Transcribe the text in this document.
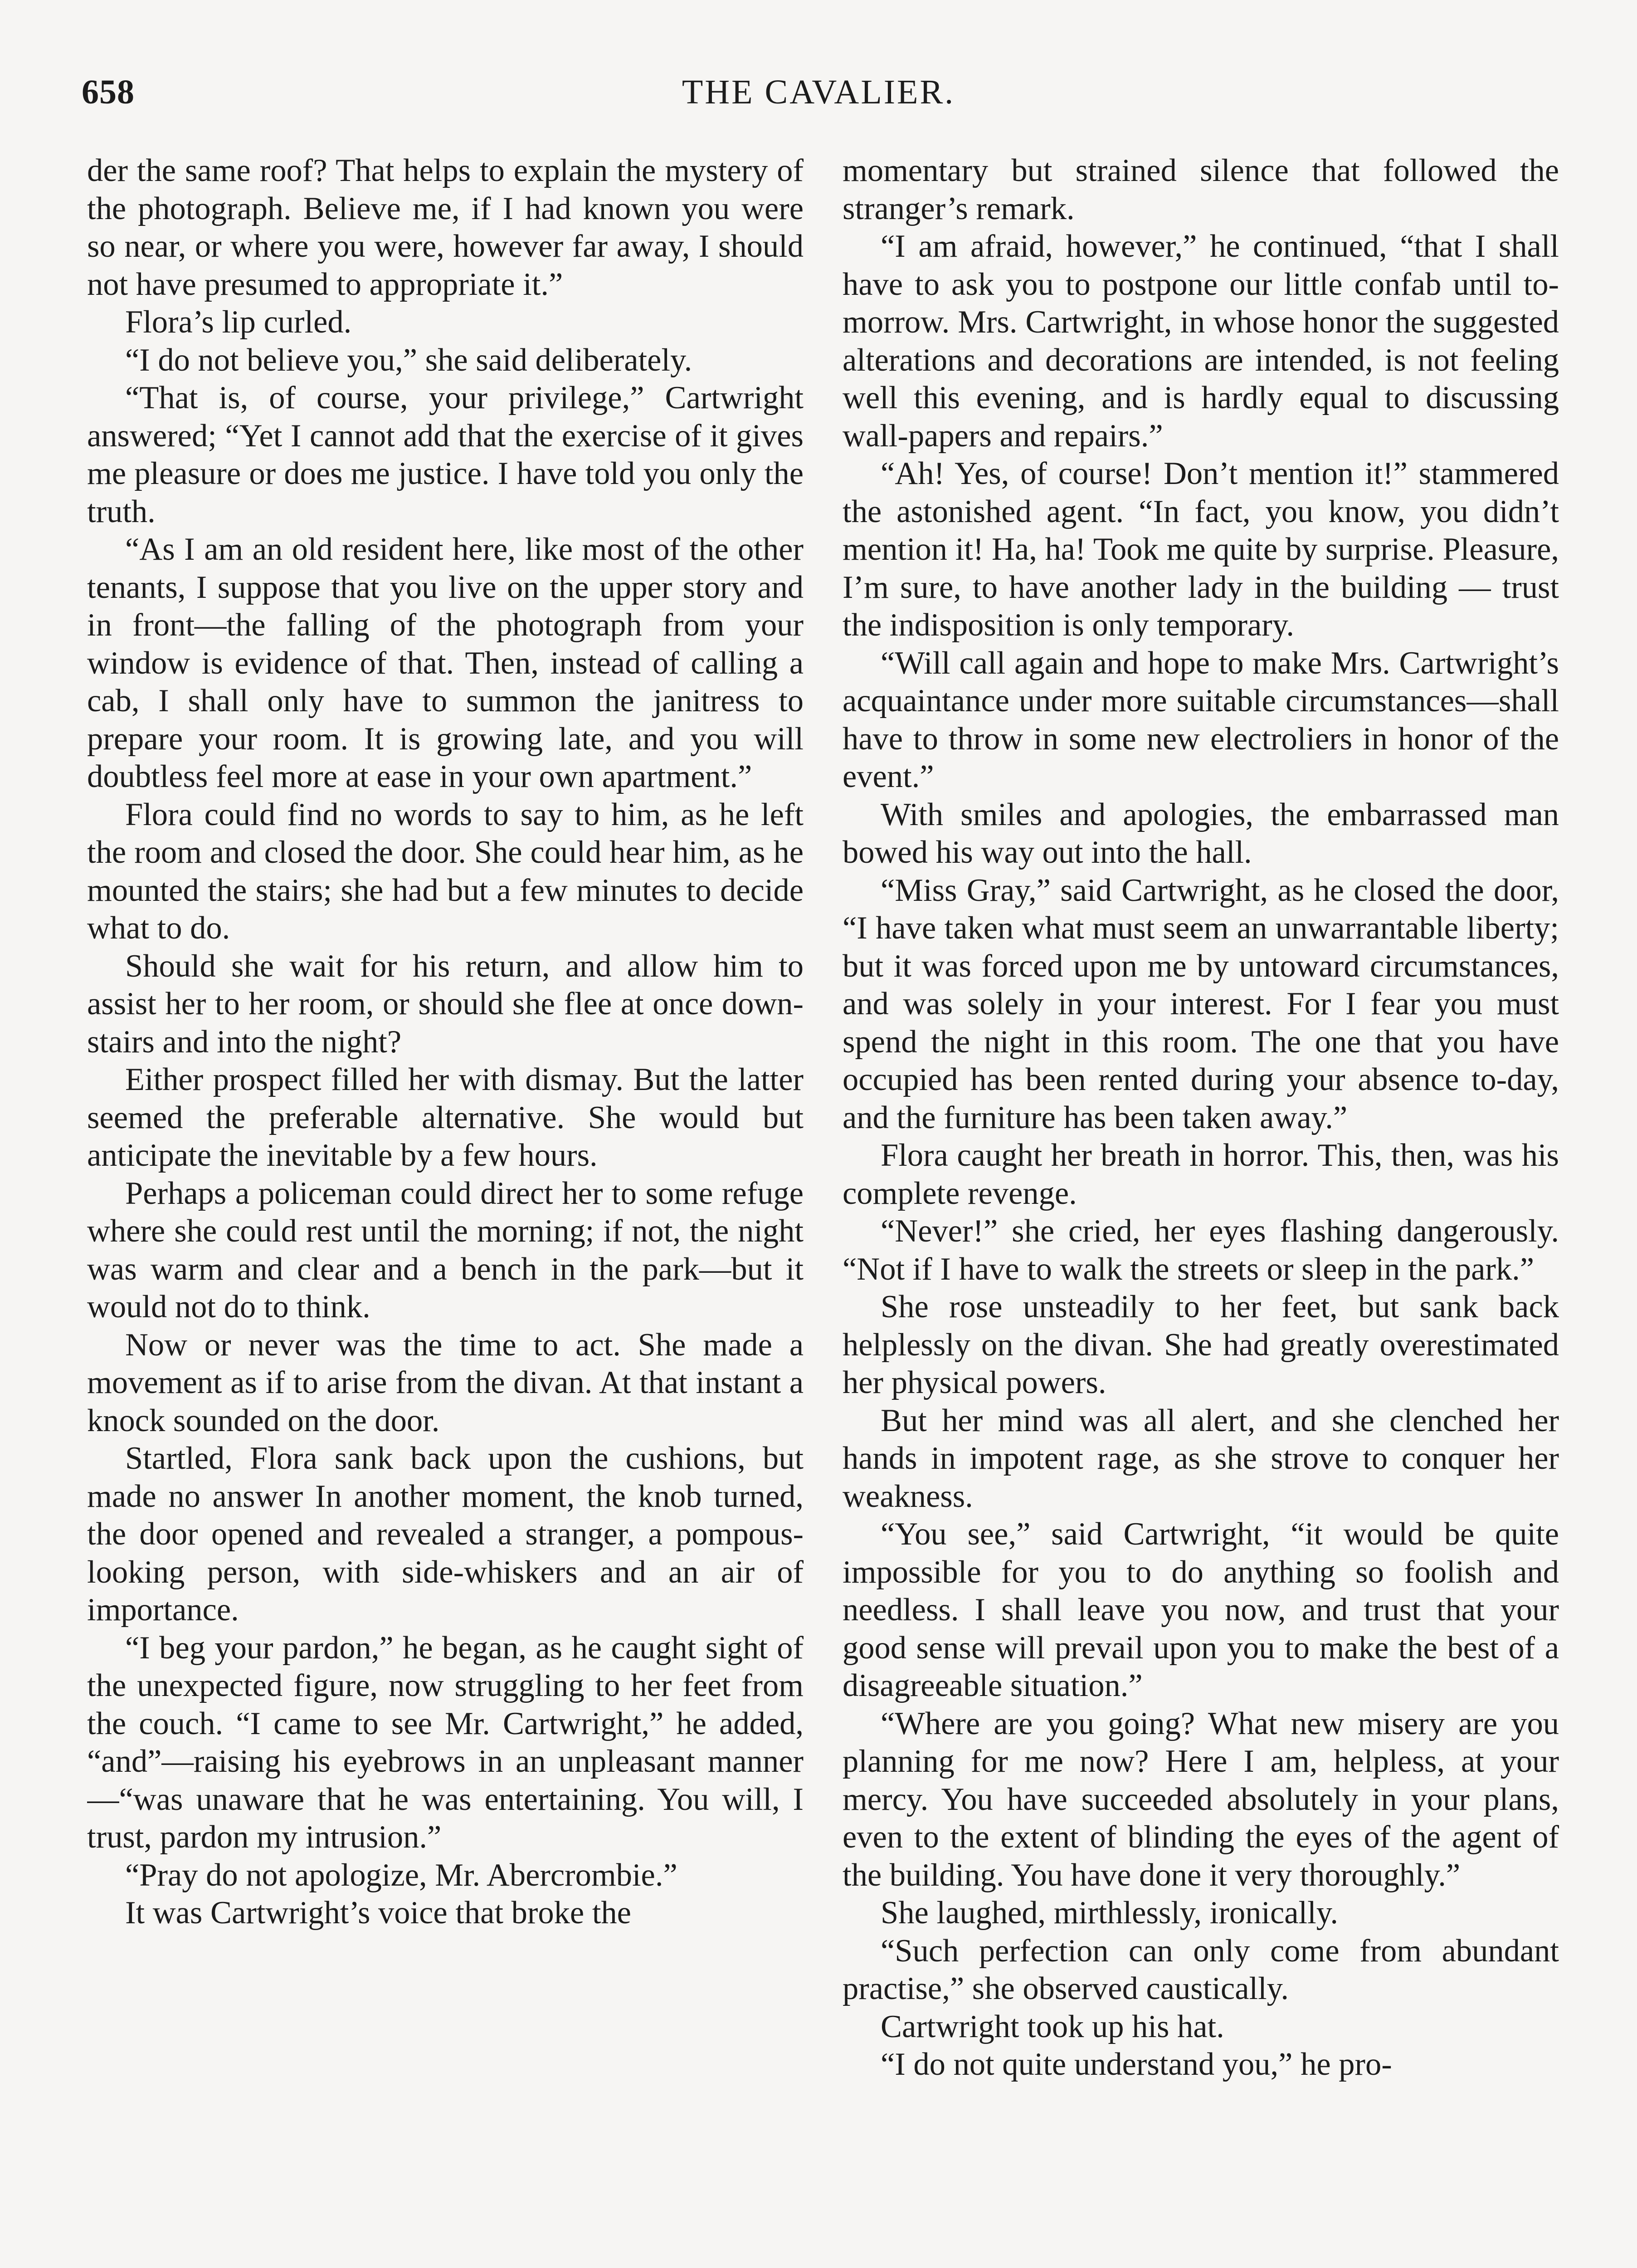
658	THE CAVALIER.

der the same roof? That helps to explain the mystery of the photograph. Believe me, if I had known you were so near, or where you were, however far away, I should not have presumed to appropriate it.”

Flora’s lip curled.

“I do not believe you,” she said deliberately.

“That is, of course, your privilege,” Cartwright answered; “Yet I cannot add that the exercise of it gives me pleasure or does me justice. I have told you only the truth.

“As I am an old resident here, like most of the other tenants, I suppose that you live on the upper story and in front—the falling of the photograph from your window is evidence of that. Then, instead of calling a cab, I shall only have to summon the janitress to prepare your room. It is growing late, and you will doubtless feel more at ease in your own apartment.”

Flora could find no words to say to him, as he left the room and closed the door. She could hear him, as he mounted the stairs; she had but a few minutes to decide what to do.

Should she wait for his return, and allow him to assist her to her room, or should she flee at once down-stairs and into the night?

Either prospect filled her with dismay. But the latter seemed the preferable alternative. She would but anticipate the inevitable by a few hours.

Perhaps a policeman could direct her to some refuge where she could rest until the morning; if not, the night was warm and clear and a bench in the park—but it would not do to think.

Now or never was the time to act. She made a movement as if to arise from the divan. At that instant a knock sounded on the door.

Startled, Flora sank back upon the cushions, but made no answer In another moment, the knob turned, the door opened and revealed a stranger, a pompous-looking person, with side-whiskers and an air of importance.

“I beg your pardon,” he began, as he caught sight of the unexpected figure, now struggling to her feet from the couch. “I came to see Mr. Cartwright,” he added, “and”—raising his eyebrows in an unpleasant manner—“was unaware that he was entertaining. You will, I trust, pardon my intrusion.”

“Pray do not apologize, Mr. Abercrombie.”

It was Cartwright’s voice that broke the

momentary but strained silence that followed the stranger’s remark.

“I am afraid, however,” he continued, “that I shall have to ask you to postpone our little confab until to-morrow. Mrs. Cartwright, in whose honor the suggested alterations and decorations are intended, is not feeling well this evening, and is hardly equal to discussing wall-papers and repairs.”

“Ah! Yes, of course! Don’t mention it!” stammered the astonished agent. “In fact, you know, you didn’t mention it! Ha, ha! Took me quite by surprise. Pleasure, I’m sure, to have another lady in the building — trust the indisposition is only temporary.

“Will call again and hope to make Mrs. Cartwright’s acquaintance under more suitable circumstances—shall have to throw in some new electroliers in honor of the event.”

With smiles and apologies, the embarrassed man bowed his way out into the hall.

“Miss Gray,” said Cartwright, as he closed the door, “I have taken what must seem an unwarrantable liberty; but it was forced upon me by untoward circumstances, and was solely in your interest. For I fear you must spend the night in this room. The one that you have occupied has been rented during your absence to-day, and the furniture has been taken away.”

Flora caught her breath in horror. This, then, was his complete revenge.

“Never!” she cried, her eyes flashing dangerously. “Not if I have to walk the streets or sleep in the park.”

She rose unsteadily to her feet, but sank back helplessly on the divan. She had greatly overestimated her physical powers.

But her mind was all alert, and she clenched her hands in impotent rage, as she strove to conquer her weakness.

“You see,” said Cartwright, “it would be quite impossible for you to do anything so foolish and needless. I shall leave you now, and trust that your good sense will prevail upon you to make the best of a disagreeable situation.”

“Where are you going? What new misery are you planning for me now? Here I am, helpless, at your mercy. You have succeeded absolutely in your plans, even to the extent of blinding the eyes of the agent of the building. You have done it very thoroughly.”

She laughed, mirthlessly, ironically.

“Such perfection can only come from abundant practise,” she observed caustically.

Cartwright took up his hat.

“I do not quite understand you,” he pro-
